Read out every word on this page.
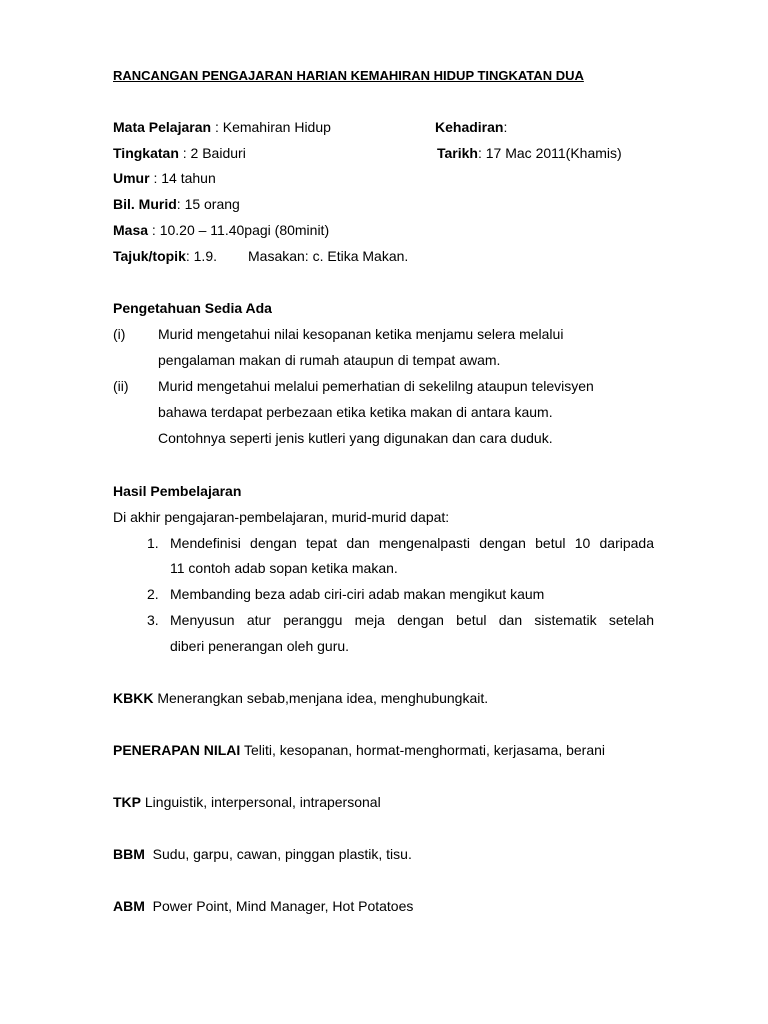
RANCANGAN PENGAJARAN HARIAN KEMAHIRAN HIDUP TINGKATAN DUA
Mata Pelajaran : Kemahiran Hidup	Kehadiran:
Tingkatan : 2 Baiduri	Tarikh: 17 Mac 2011(Khamis)
Umur : 14 tahun
Bil. Murid: 15 orang
Masa : 10.20 – 11.40pagi (80minit)
Tajuk/topik: 1.9. Masakan: c. Etika Makan.
Pengetahuan Sedia Ada
(i) Murid mengetahui nilai kesopanan ketika menjamu selera melalui
pengalaman makan di rumah ataupun di tempat awam.
(ii) Murid mengetahui melalui pemerhatian di sekelilng ataupun televisyen
bahawa terdapat perbezaan etika ketika makan di antara kaum.
Contohnya seperti jenis kutleri yang digunakan dan cara duduk.
Hasil Pembelajaran
Di akhir pengajaran-pembelajaran, murid-murid dapat:
1. Mendefinisi dengan tepat dan mengenalpasti dengan betul 10 daripada
11 contoh adab sopan ketika makan.
2. Membanding beza adab ciri-ciri adab makan mengikut kaum
3. Menyusun atur peranggu meja dengan betul dan sistematik setelah
diberi penerangan oleh guru.
KBKK Menerangkan sebab,menjana idea, menghubungkait.
PENERAPAN NILAI Teliti, kesopanan, hormat-menghormati, kerjasama, berani
TKP Linguistik, interpersonal, intrapersonal
BBM  Sudu, garpu, cawan, pinggan plastik, tisu.
ABM  Power Point, Mind Manager, Hot Potatoes
